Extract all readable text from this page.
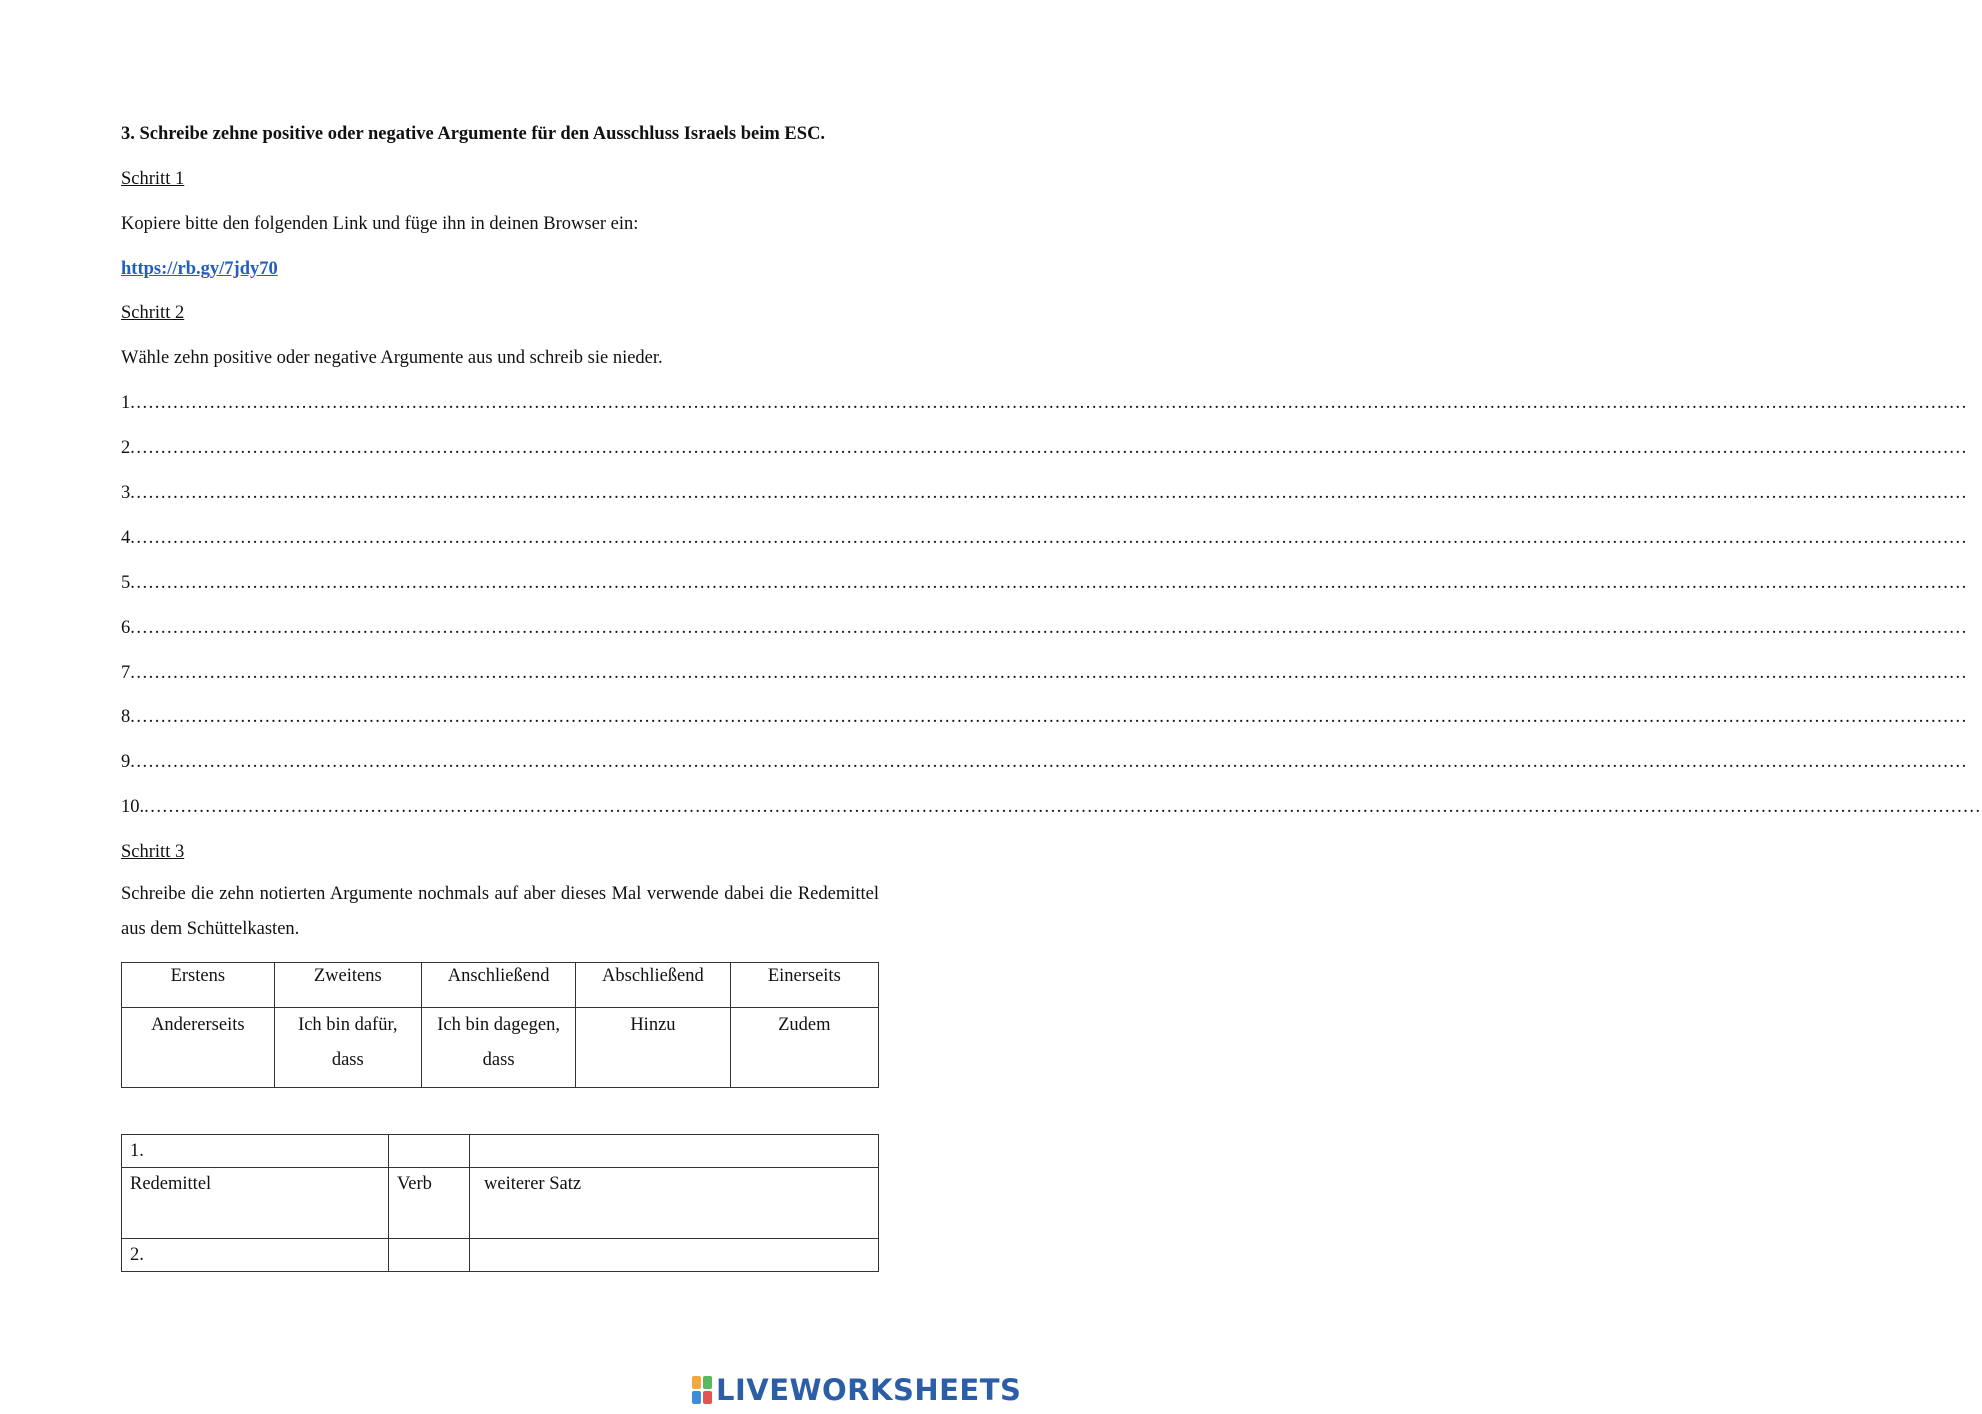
3. Schreibe zehne positive oder negative Argumente für den Ausschluss Israels beim ESC.
Schritt 1
Kopiere bitte den folgenden Link und füge ihn in deinen Browser ein:
https://rb.gy/7jdy70
Schritt 2
Wähle zehn positive oder negative Argumente aus und schreib sie nieder.
1 ............................................................................................................................................................................................................................................................................................................
2 ............................................................................................................................................................................................................................................................................................................
3 ............................................................................................................................................................................................................................................................................................................
4 ............................................................................................................................................................................................................................................................................................................
5 ............................................................................................................................................................................................................................................................................................................
6 ............................................................................................................................................................................................................................................................................................................
7 ............................................................................................................................................................................................................................................................................................................
8 ............................................................................................................................................................................................................................................................................................................
9 ............................................................................................................................................................................................................................................................................................................
10. ............................................................................................................................................................................................................................................................................................................
Schritt 3
Schreibe die zehn notierten Argumente nochmals auf aber dieses Mal verwende dabei die Redemittel aus dem Schüttelkasten.
Erstens	Zweitens	Anschließend	Abschließend	Einerseits
Andererseits	Ich bin dafür, dass	Ich bin dagegen, dass	Hinzu	Zudem
1.		
Redemittel	Verb	weiterer Satz
2.		
LIVEWORKSHEETS
